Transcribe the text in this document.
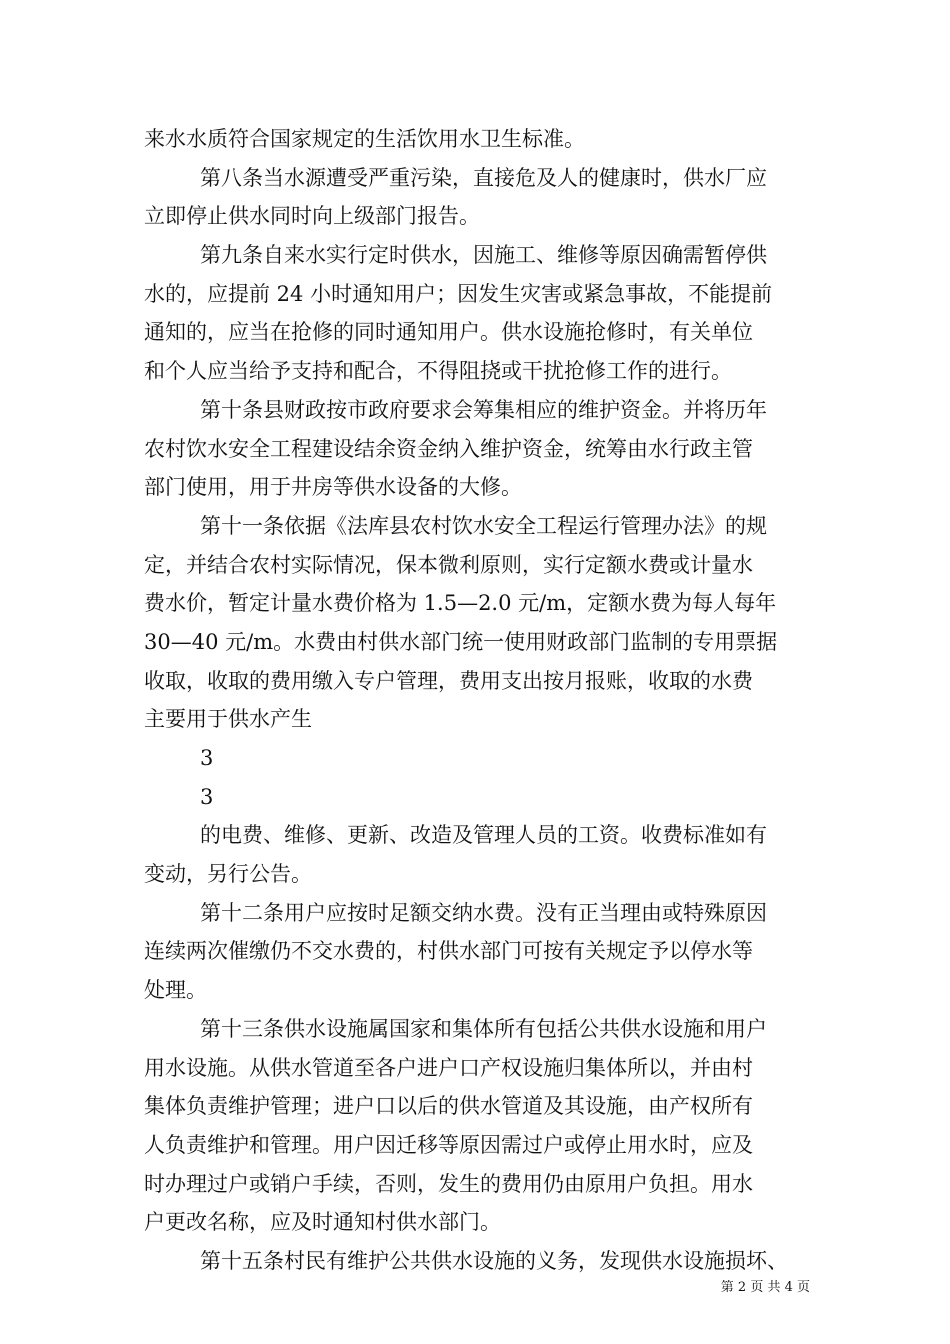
来水水质符合国家规定的生活饮用水卫生标准。
第八条当水源遭受严重污染，直接危及人的健康时，供水厂应
立即停止供水同时向上级部门报告。
第九条自来水实行定时供水，因施工、维修等原因确需暂停供
水的，应提前 24 小时通知用户；因发生灾害或紧急事故，不能提前
通知的，应当在抢修的同时通知用户。供水设施抢修时，有关单位
和个人应当给予支持和配合，不得阻挠或干扰抢修工作的进行。
第十条县财政按市政府要求会筹集相应的维护资金。并将历年
农村饮水安全工程建设结余资金纳入维护资金，统筹由水行政主管
部门使用，用于井房等供水设备的大修。
第十一条依据《法库县农村饮水安全工程运行管理办法》的规
定，并结合农村实际情况，保本微利原则，实行定额水费或计量水
费水价，暂定计量水费价格为 1.5—2.0 元/m，定额水费为每人每年
30—40 元/m。水费由村供水部门统一使用财政部门监制的专用票据
收取，收取的费用缴入专户管理，费用支出按月报账，收取的水费
主要用于供水产生
3
3
的电费、维修、更新、改造及管理人员的工资。收费标准如有
变动，另行公告。
第十二条用户应按时足额交纳水费。没有正当理由或特殊原因
连续两次催缴仍不交水费的，村供水部门可按有关规定予以停水等
处理。
第十三条供水设施属国家和集体所有包括公共供水设施和用户
用水设施。从供水管道至各户进户口产权设施归集体所以，并由村
集体负责维护管理；进户口以后的供水管道及其设施，由产权所有
人负责维护和管理。用户因迁移等原因需过户或停止用水时，应及
时办理过户或销户手续，否则，发生的费用仍由原用户负担。用水
户更改名称，应及时通知村供水部门。
第十五条村民有维护公共供水设施的义务，发现供水设施损坏、
第 2 页 共 4 页
